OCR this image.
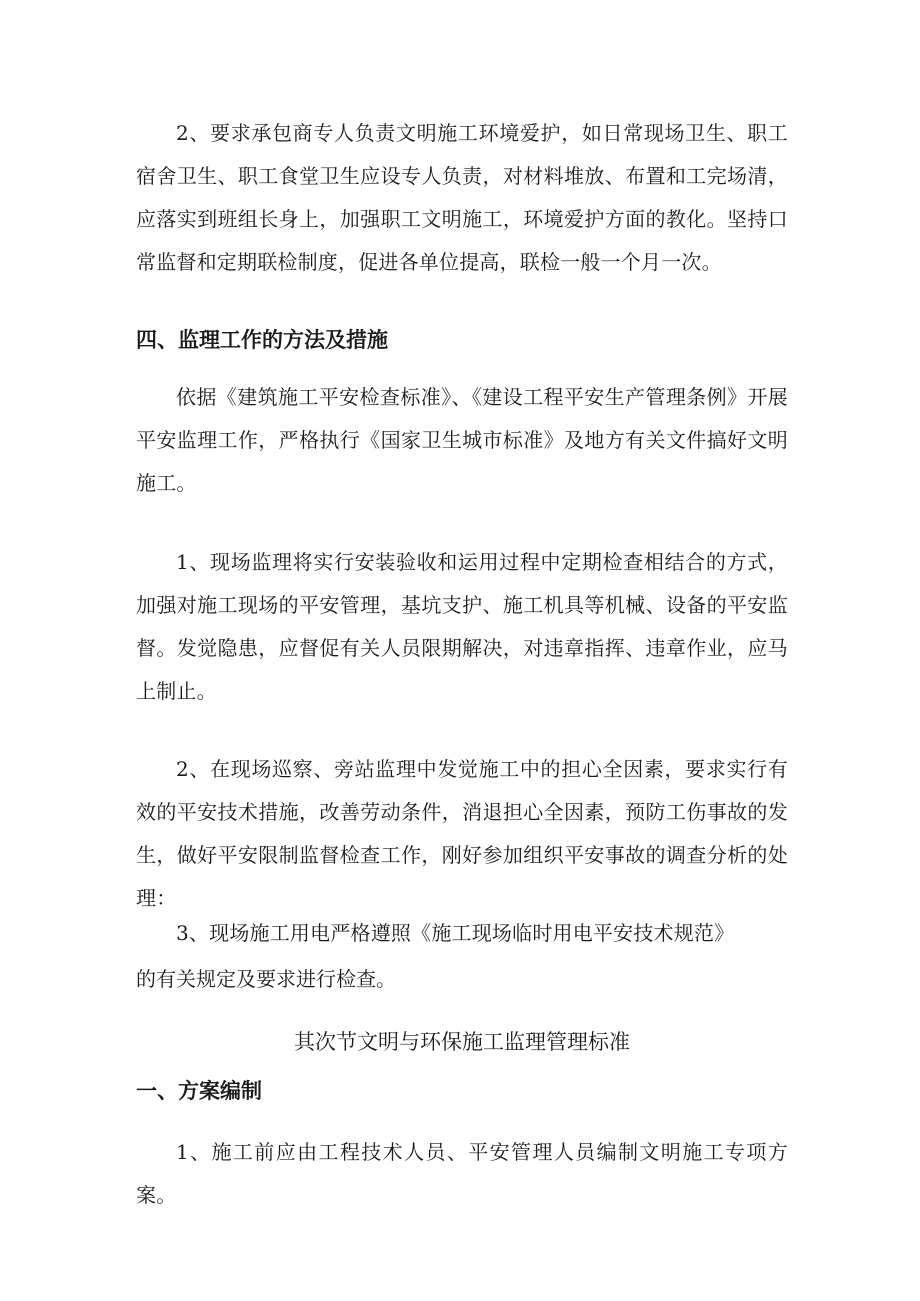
2、要求承包商专人负责文明施工环境爱护，如日常现场卫生、职工宿舍卫生、职工食堂卫生应设专人负责，对材料堆放、布置和工完场清，应落实到班组长身上，加强职工文明施工，环境爱护方面的教化。坚持口常监督和定期联检制度，促进各单位提高，联检一般一个月一次。

四、监理工作的方法及措施

依据《建筑施工平安检查标准》、《建设工程平安生产管理条例》开展平安监理工作，严格执行《国家卫生城市标准》及地方有关文件搞好文明施工。

1、现场监理将实行安装验收和运用过程中定期检查相结合的方式，加强对施工现场的平安管理，基坑支护、施工机具等机械、设备的平安监督。发觉隐患，应督促有关人员限期解决，对违章指挥、违章作业，应马上制止。

2、在现场巡察、旁站监理中发觉施工中的担心全因素，要求实行有效的平安技术措施，改善劳动条件，消退担心全因素，预防工伤事故的发生，做好平安限制监督检查工作，刚好参加组织平安事故的调查分析的处理：

3、现场施工用电严格遵照《施工现场临时用电平安技术规范》

的有关规定及要求进行检查。

其次节文明与环保施工监理管理标准
一、方案编制

1、施工前应由工程技术人员、平安管理人员编制文明施工专项方案。
